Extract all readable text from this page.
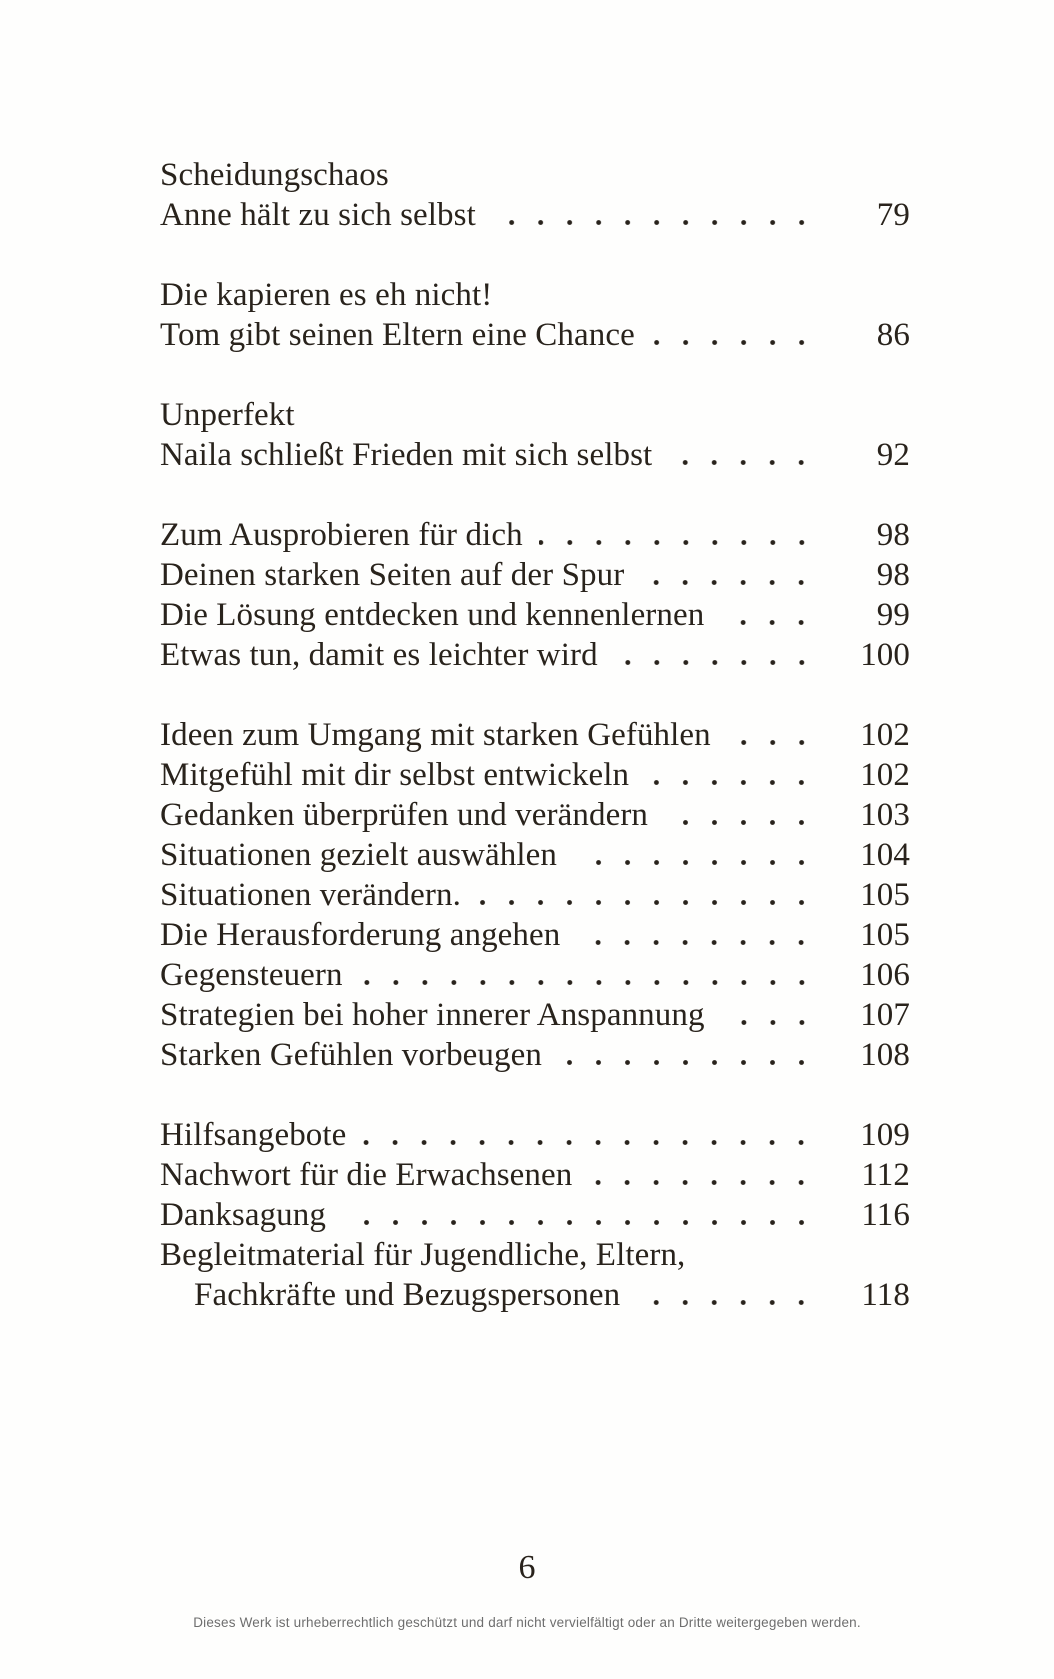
Scheidungschaos
Anne hält zu sich selbst	79
Die kapieren es eh nicht!
Tom gibt seinen Eltern eine Chance	86
Unperfekt
Naila schließt Frieden mit sich selbst	92
Zum Ausprobieren für dich	98
Deinen starken Seiten auf der Spur	98
Die Lösung entdecken und kennenlernen	99
Etwas tun, damit es leichter wird	100
Ideen zum Umgang mit starken Gefühlen	102
Mitgefühl mit dir selbst entwickeln	102
Gedanken überprüfen und verändern	103
Situationen gezielt auswählen	104
Situationen verändern.	105
Die Herausforderung angehen	105
Gegensteuern	106
Strategien bei hoher innerer Anspannung	107
Starken Gefühlen vorbeugen	108
Hilfsangebote	109
Nachwort für die Erwachsenen	112
Danksagung	116
Begleitmaterial für Jugendliche, Eltern,
Fachkräfte und Bezugspersonen	118
6
Dieses Werk ist urheberrechtlich geschützt und darf nicht vervielfältigt oder an Dritte weitergegeben werden.
